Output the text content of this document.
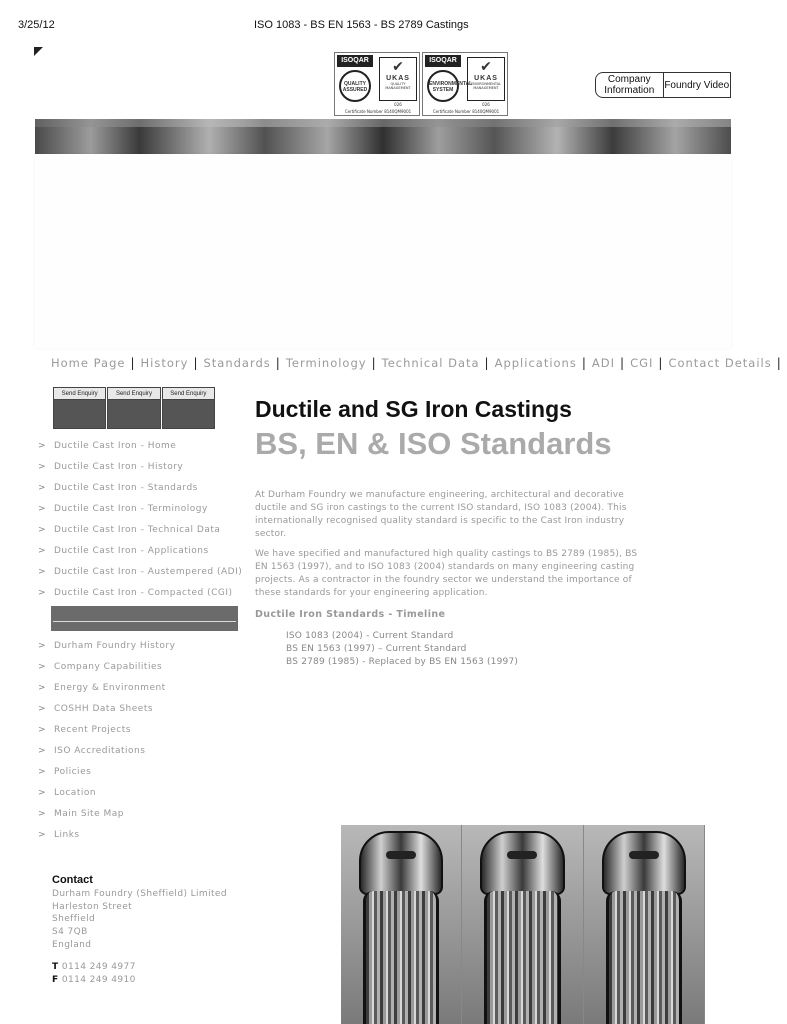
3/25/12	ISO 1083 - BS EN 1563 - BS 2789 Castings
ISOQAR
QUALITY ASSURED
✔
UKAS
QUALITY MANAGEMENT
026
Certificate Number 8140QM9001
ISOQAR
ENVIRONMENTAL SYSTEM
✔
UKAS
ENVIRONMENTAL MANAGEMENT
026
Certificate Number 8140QM9001
Company Information	Foundry Video
Home Page | History | Standards | Terminology | Technical Data | Applications | ADI | CGI | Contact Details |
Send Enquiry	Send Enquiry	Send Enquiry
> Ductile Cast Iron - Home
> Ductile Cast Iron - History
> Ductile Cast Iron - Standards
> Ductile Cast Iron - Terminology
> Ductile Cast Iron - Technical Data
> Ductile Cast Iron - Applications
> Ductile Cast Iron - Austempered (ADI)
> Ductile Cast Iron - Compacted (CGI)
> Durham Foundry History
> Company Capabilities
> Energy & Environment
> COSHH Data Sheets
> Recent Projects
> ISO Accreditations
> Policies
> Location
> Main Site Map
> Links
Contact
Durham Foundry (Sheffield) Limited
Harleston Street
Sheffield
S4 7QB
England
T 0114 249 4977
F 0114 249 4910
Ductile and SG Iron Castings
BS, EN & ISO Standards

At Durham Foundry we manufacture engineering, architectural and decorative ductile and SG iron castings to the current ISO standard, ISO 1083 (2004). This internationally recognised quality standard is specific to the Cast Iron industry sector.

We have specified and manufactured high quality castings to BS 2789 (1985), BS EN 1563 (1997), and to ISO 1083 (2004) standards on many engineering casting projects. As a contractor in the foundry sector we understand the importance of these standards for your engineering application.

Ductile Iron Standards - Timeline
ISO 1083 (2004) - Current Standard
BS EN 1563 (1997) – Current Standard
BS 2789 (1985) - Replaced by BS EN 1563 (1997)
